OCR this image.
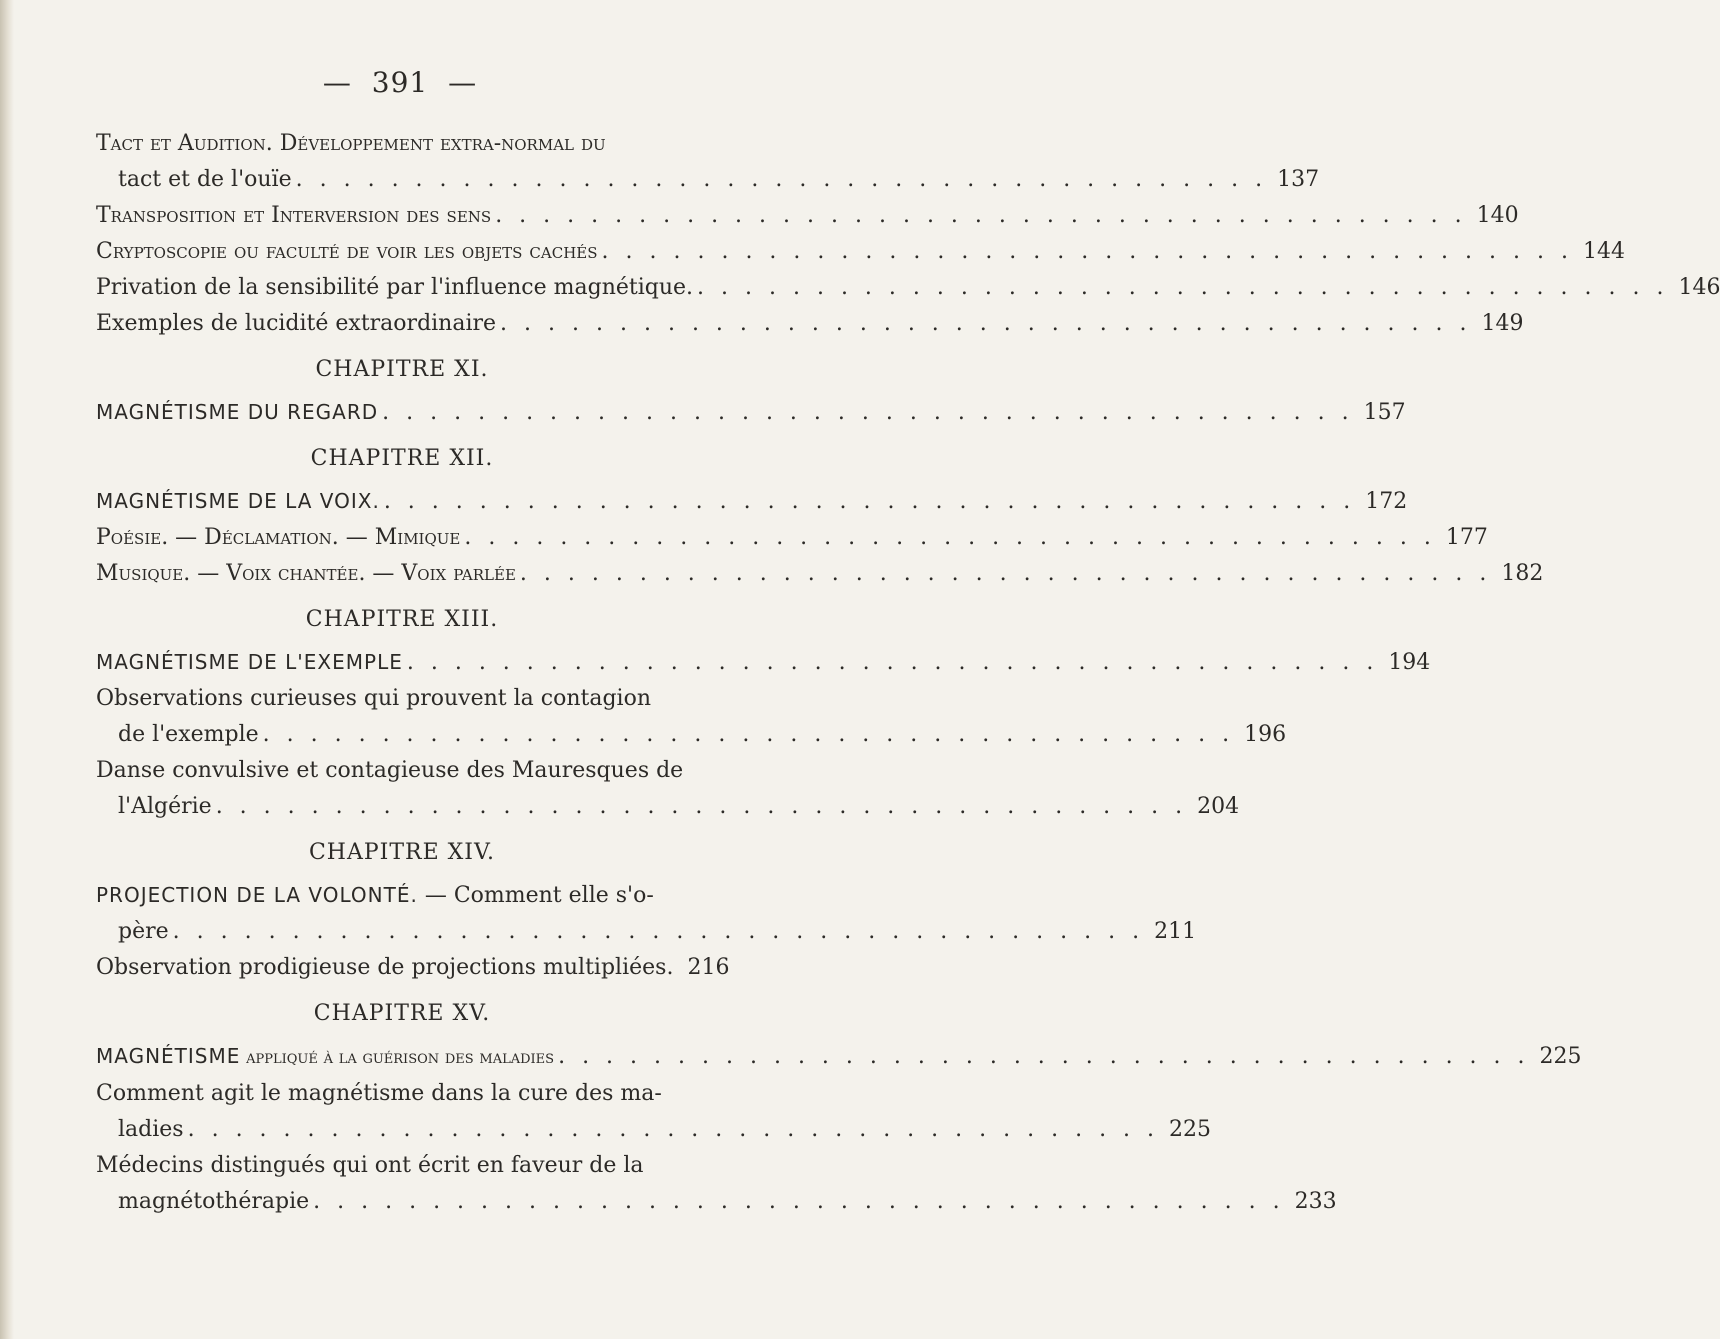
— 391 —
Tact et Audition. Développement extra-normal du
tact et de l'ouïe . . . . . . . . . . . . . . . . . . . . . . . . . . . . . . . . . . . . . . . . . 137
Transposition et Interversion des sens . . . . . . . . . . . . . . . . . . . . . . . . . . . . . . . . . . . . . . . . . 140
Cryptoscopie ou faculté de voir les objets cachés . . . . . . . . . . . . . . . . . . . . . . . . . . . . . . . . . . . . . . . . . 144
Privation de la sensibilité par l'influence magnétique. . . . . . . . . . . . . . . . . . . . . . . . . . . . . . . . . . . . . . . . . . 146
Exemples de lucidité extraordinaire . . . . . . . . . . . . . . . . . . . . . . . . . . . . . . . . . . . . . . . . . 149
CHAPITRE XI.
MAGNÉTISME DU REGARD . . . . . . . . . . . . . . . . . . . . . . . . . . . . . . . . . . . . . . . . . 157
CHAPITRE XII.
MAGNÉTISME DE LA VOIX. . . . . . . . . . . . . . . . . . . . . . . . . . . . . . . . . . . . . . . . . . 172
Poésie. — Déclamation. — Mimique . . . . . . . . . . . . . . . . . . . . . . . . . . . . . . . . . . . . . . . . . 177
Musique. — Voix chantée. — Voix parlée . . . . . . . . . . . . . . . . . . . . . . . . . . . . . . . . . . . . . . . . . 182
CHAPITRE XIII.
MAGNÉTISME DE L'EXEMPLE . . . . . . . . . . . . . . . . . . . . . . . . . . . . . . . . . . . . . . . . . 194
Observations curieuses qui prouvent la contagion
de l'exemple . . . . . . . . . . . . . . . . . . . . . . . . . . . . . . . . . . . . . . . . . 196
Danse convulsive et contagieuse des Mauresques de
l'Algérie . . . . . . . . . . . . . . . . . . . . . . . . . . . . . . . . . . . . . . . . . 204
CHAPITRE XIV.
PROJECTION DE LA VOLONTÉ. — Comment elle s'o-
père . . . . . . . . . . . . . . . . . . . . . . . . . . . . . . . . . . . . . . . . . 211
Observation prodigieuse de projections multipliées. 216
CHAPITRE XV.
MAGNÉTISME appliqué à la guérison des maladies . . . . . . . . . . . . . . . . . . . . . . . . . . . . . . . . . . . . . . . . . 225
Comment agit le magnétisme dans la cure des ma-
ladies . . . . . . . . . . . . . . . . . . . . . . . . . . . . . . . . . . . . . . . . . 225
Médecins distingués qui ont écrit en faveur de la
magnétothérapie . . . . . . . . . . . . . . . . . . . . . . . . . . . . . . . . . . . . . . . . . 233
